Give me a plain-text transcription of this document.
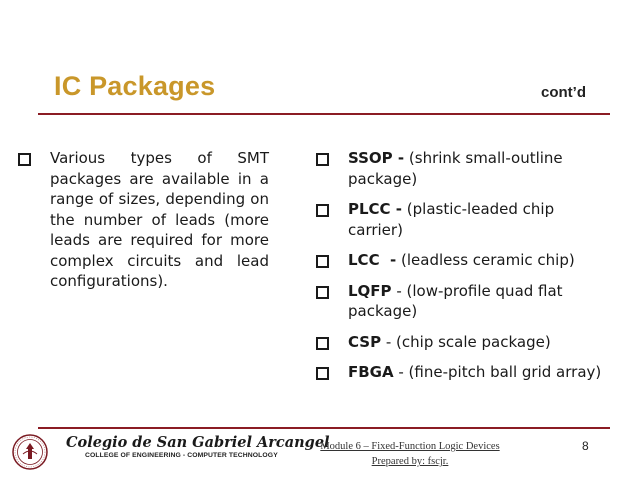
IC Packages	cont’d
Various types of SMT packages are available in a range of sizes, depending on the number of leads (more leads are required for more complex circuits and lead configurations).
SSOP - (shrink small-outline package)
PLCC - (plastic-leaded chip carrier)
LCC  - (leadless ceramic chip)
LQFP - (low-profile quad flat package)
CSP - (chip scale package)
FBGA - (fine-pitch ball grid array)
Colegio de San Gabriel Arcangel
COLLEGE OF ENGINEERING - COMPUTER TECHNOLOGY
Module 6 – Fixed-Function Logic Devices
Prepared by: fscjr.
8
